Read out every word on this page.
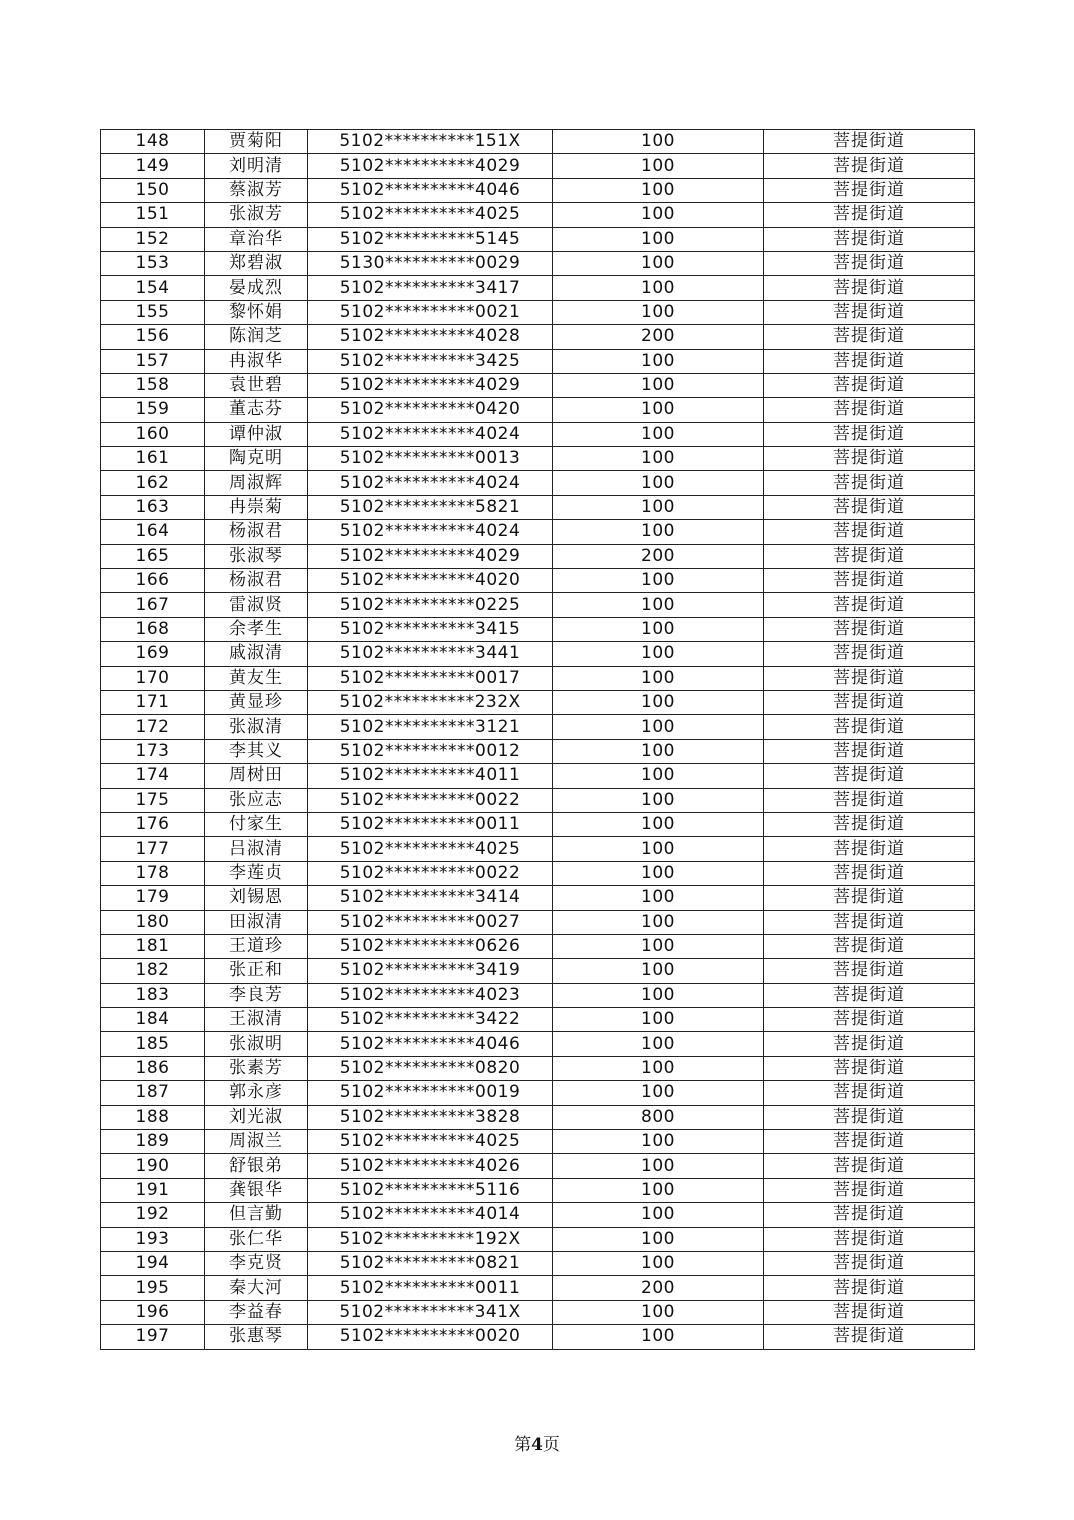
148	贾菊阳	5102**********151X	100	菩提街道
149	刘明清	5102**********4029	100	菩提街道
150	蔡淑芳	5102**********4046	100	菩提街道
151	张淑芳	5102**********4025	100	菩提街道
152	章治华	5102**********5145	100	菩提街道
153	郑碧淑	5130**********0029	100	菩提街道
154	晏成烈	5102**********3417	100	菩提街道
155	黎怀娟	5102**********0021	100	菩提街道
156	陈润芝	5102**********4028	200	菩提街道
157	冉淑华	5102**********3425	100	菩提街道
158	袁世碧	5102**********4029	100	菩提街道
159	董志芬	5102**********0420	100	菩提街道
160	谭仲淑	5102**********4024	100	菩提街道
161	陶克明	5102**********0013	100	菩提街道
162	周淑辉	5102**********4024	100	菩提街道
163	冉崇菊	5102**********5821	100	菩提街道
164	杨淑君	5102**********4024	100	菩提街道
165	张淑琴	5102**********4029	200	菩提街道
166	杨淑君	5102**********4020	100	菩提街道
167	雷淑贤	5102**********0225	100	菩提街道
168	余孝生	5102**********3415	100	菩提街道
169	戚淑清	5102**********3441	100	菩提街道
170	黄友生	5102**********0017	100	菩提街道
171	黄显珍	5102**********232X	100	菩提街道
172	张淑清	5102**********3121	100	菩提街道
173	李其义	5102**********0012	100	菩提街道
174	周树田	5102**********4011	100	菩提街道
175	张应志	5102**********0022	100	菩提街道
176	付家生	5102**********0011	100	菩提街道
177	吕淑清	5102**********4025	100	菩提街道
178	李莲贞	5102**********0022	100	菩提街道
179	刘锡恩	5102**********3414	100	菩提街道
180	田淑清	5102**********0027	100	菩提街道
181	王道珍	5102**********0626	100	菩提街道
182	张正和	5102**********3419	100	菩提街道
183	李良芳	5102**********4023	100	菩提街道
184	王淑清	5102**********3422	100	菩提街道
185	张淑明	5102**********4046	100	菩提街道
186	张素芳	5102**********0820	100	菩提街道
187	郭永彦	5102**********0019	100	菩提街道
188	刘光淑	5102**********3828	800	菩提街道
189	周淑兰	5102**********4025	100	菩提街道
190	舒银弟	5102**********4026	100	菩提街道
191	龚银华	5102**********5116	100	菩提街道
192	但言勤	5102**********4014	100	菩提街道
193	张仁华	5102**********192X	100	菩提街道
194	李克贤	5102**********0821	100	菩提街道
195	秦大河	5102**********0011	200	菩提街道
196	李益春	5102**********341X	100	菩提街道
197	张惠琴	5102**********0020	100	菩提街道
第4页
